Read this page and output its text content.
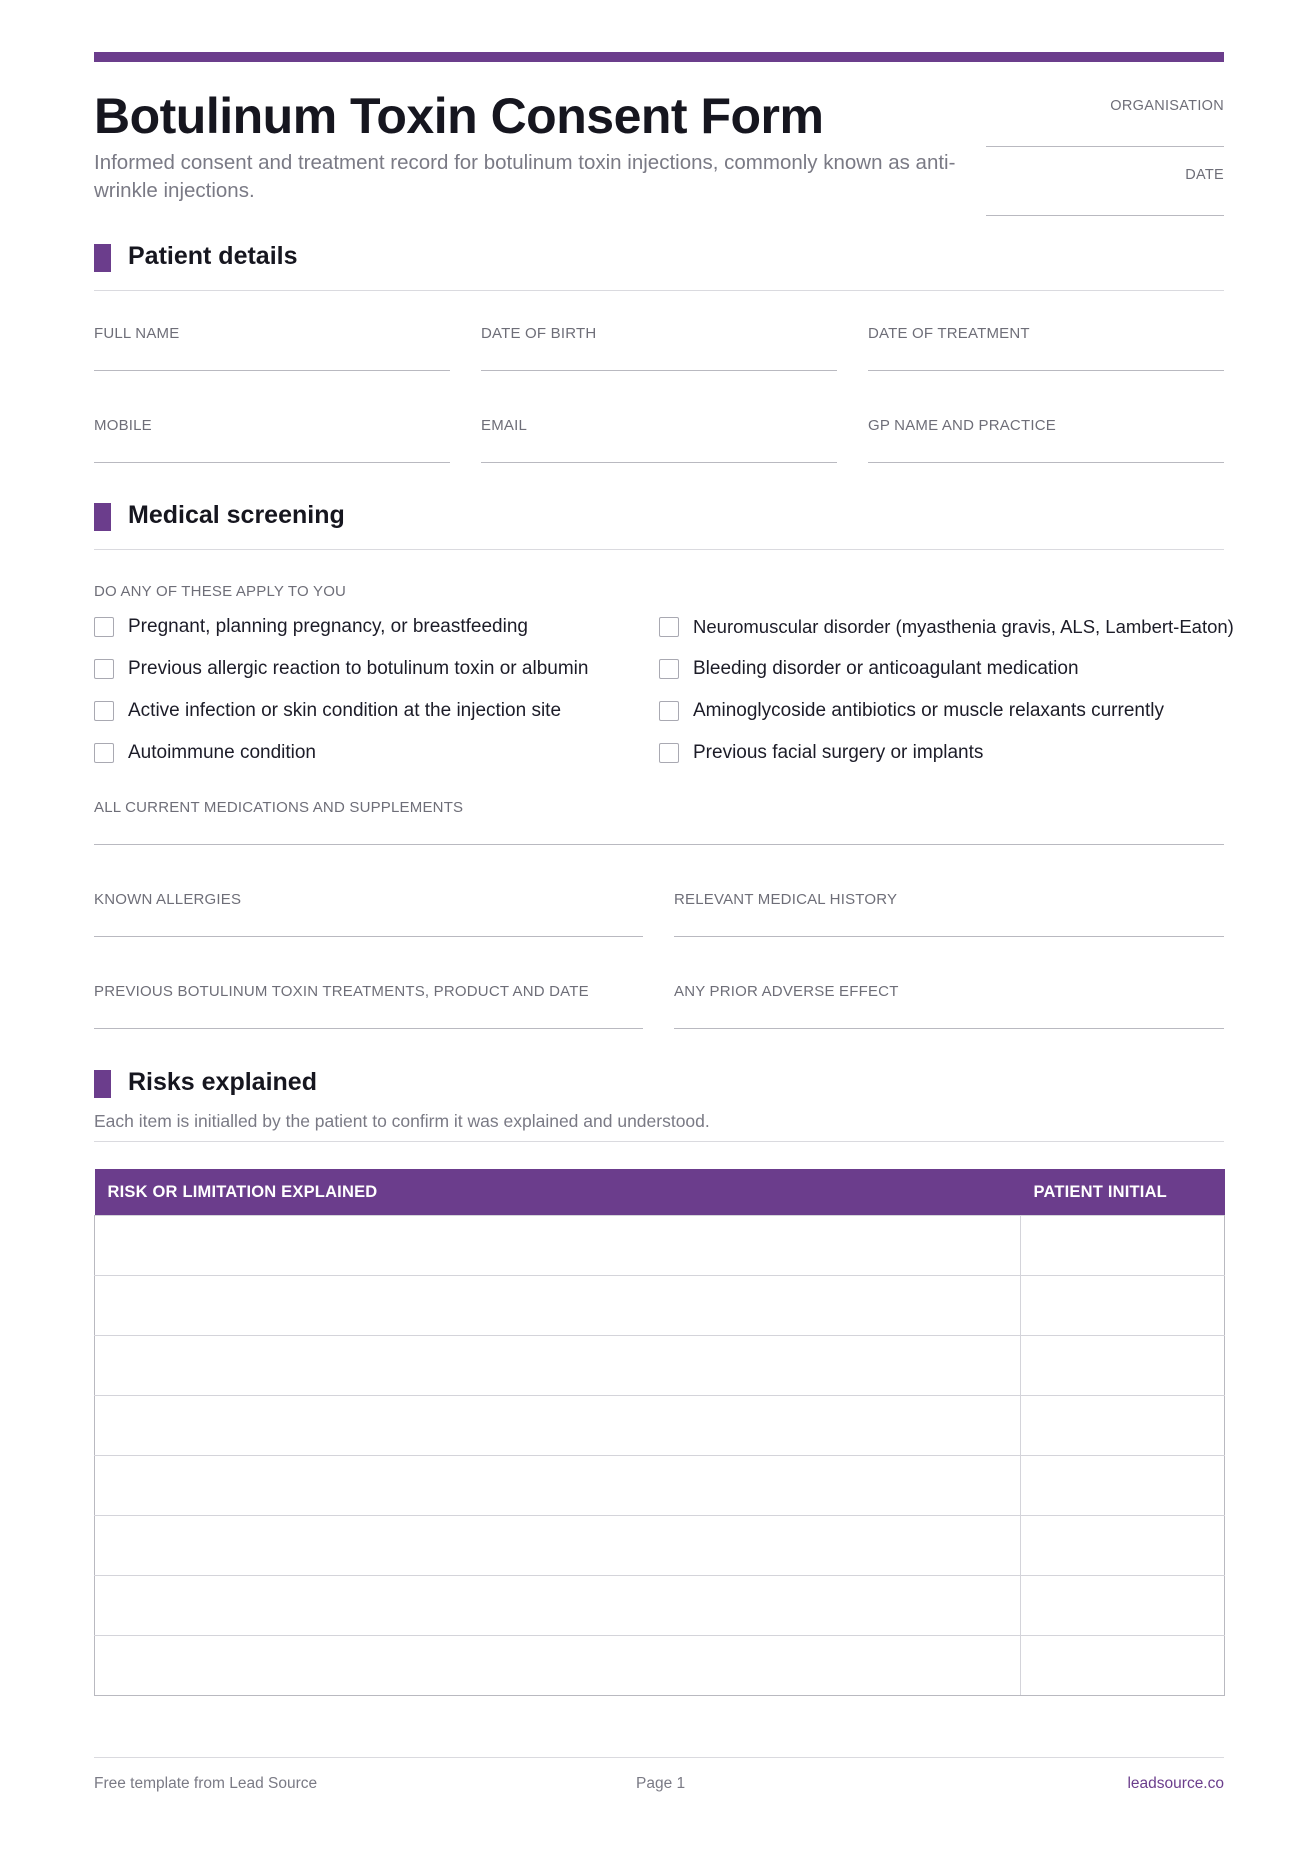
Botulinum Toxin Consent Form
Informed consent and treatment record for botulinum toxin injections, commonly known as anti-wrinkle injections.
ORGANISATION
DATE
Patient details
FULL NAME	DATE OF BIRTH	DATE OF TREATMENT
MOBILE	EMAIL	GP NAME AND PRACTICE
Medical screening
DO ANY OF THESE APPLY TO YOU
Pregnant, planning pregnancy, or breastfeeding
Previous allergic reaction to botulinum toxin or albumin
Active infection or skin condition at the injection site
Autoimmune condition
Neuromuscular disorder (myasthenia gravis, ALS, Lambert-Eaton)
Bleeding disorder or anticoagulant medication
Aminoglycoside antibiotics or muscle relaxants currently
Previous facial surgery or implants
ALL CURRENT MEDICATIONS AND SUPPLEMENTS
KNOWN ALLERGIES	RELEVANT MEDICAL HISTORY
PREVIOUS BOTULINUM TOXIN TREATMENTS, PRODUCT AND DATE	ANY PRIOR ADVERSE EFFECT
Risks explained
Each item is initialled by the patient to confirm it was explained and understood.
RISK OR LIMITATION EXPLAINED	PATIENT INITIAL

Free template from Lead Source	Page 1	leadsource.co
